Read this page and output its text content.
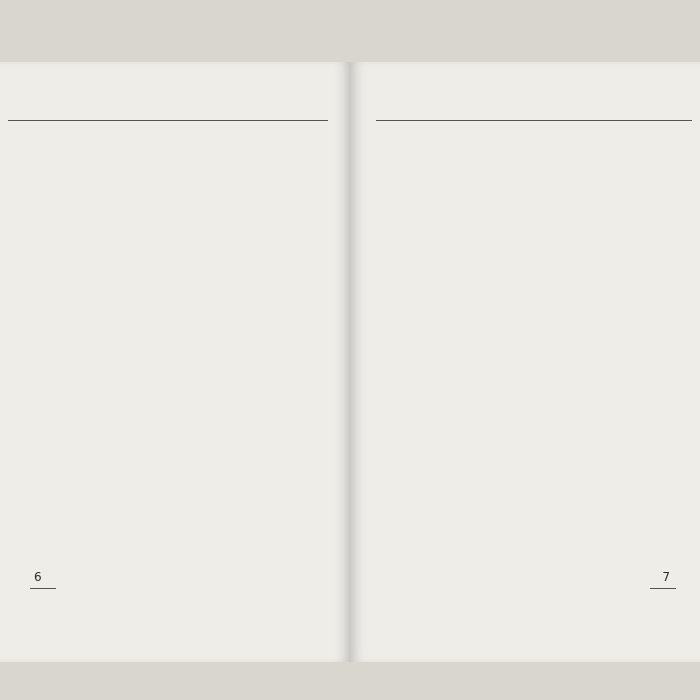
6	7
